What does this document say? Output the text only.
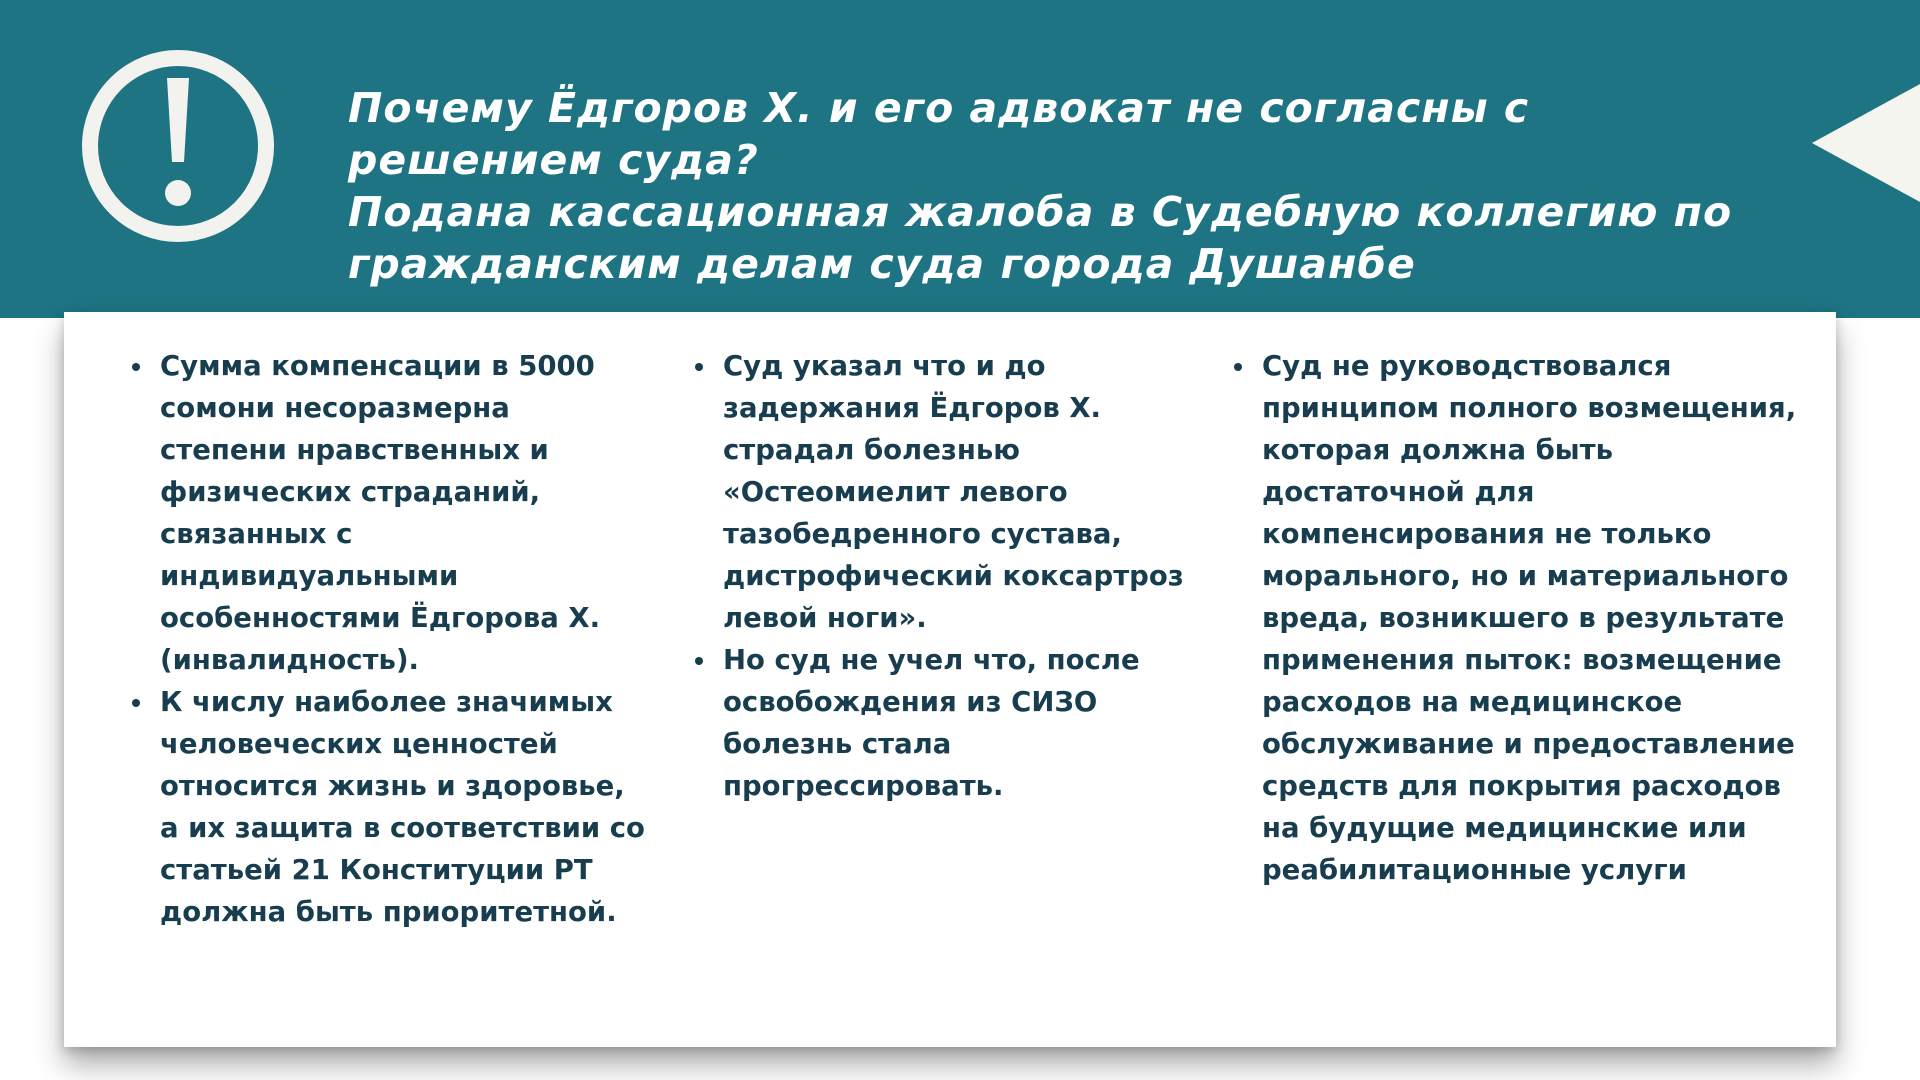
Почему Ёдгоров Х. и его адвокат не согласны с
решением суда?
Подана кассационная жалоба в Судебную коллегию по
гражданским делам суда города Душанбе
Сумма компенсации в 5000
сомони несоразмерна
степени нравственных и
физических страданий,
связанных с
индивидуальными
особенностями Ёдгорова Х.
(инвалидность).
К числу наиболее значимых
человеческих ценностей
относится жизнь и здоровье,
а их защита в соответствии со
статьей 21 Конституции РТ
должна быть приоритетной.
Суд указал что и до
задержания Ёдгоров Х.
страдал болезнью
«Остеомиелит левого
тазобедренного сустава,
дистрофический коксартроз
левой ноги».
Но суд не учел что, после
освобождения из СИЗО
болезнь стала
прогрессировать.
Суд не руководствовался
принципом полного возмещения,
которая должна быть
достаточной для
компенсирования не только
морального, но и материального
вреда, возникшего в результате
применения пыток: возмещение
расходов на медицинское
обслуживание и предоставление
средств для покрытия расходов
на будущие медицинские или
реабилитационные услуги
